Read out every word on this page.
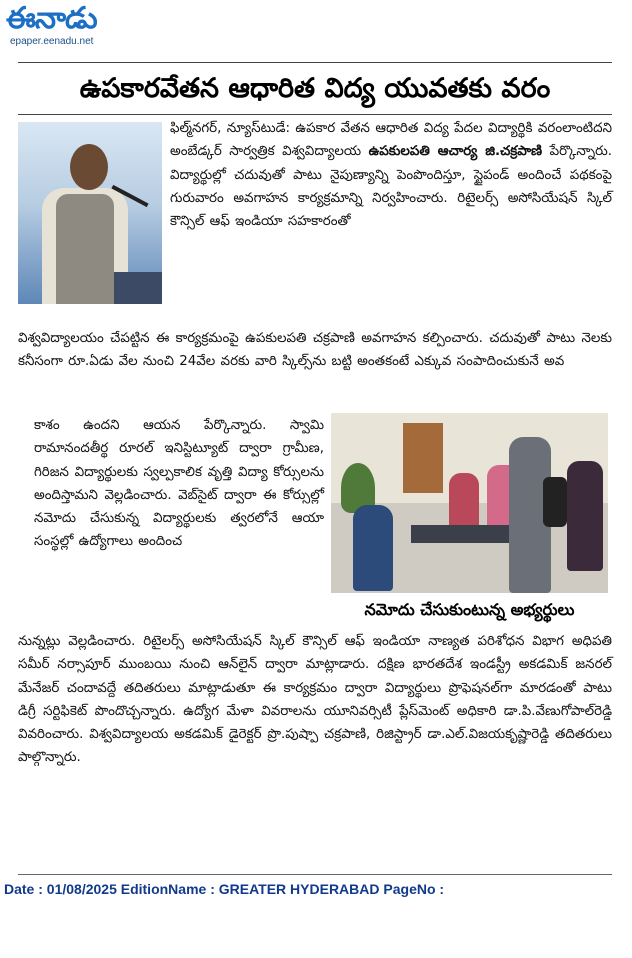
ఈనాడు
epaper.eenadu.net
ఉపకారవేతన ఆధారిత విద్య యువతకు వరం
ఫిల్మ్‌నగర్, న్యూస్‌టుడే: ఉపకార వేతన ఆధారిత విద్య పేదల విద్యార్థికి వరంలాంటిదని అంబేడ్కర్ సార్వత్రిక విశ్వవిద్యాలయ ఉపకులపతి ఆచార్య జి.చక్రపాణి పేర్కొన్నారు. విద్యార్థుల్లో చదువుతో పాటు నైపుణ్యాన్ని పెంపొందిస్తూ, స్టైపండ్ అందించే పథకంపై గురువారం అవగాహన కార్యక్రమాన్ని నిర్వహించారు. రిటైలర్స్ అసోసియేషన్ స్కిల్ కౌన్సిల్ ఆఫ్ ఇండియా సహకారంతో
విశ్వవిద్యాలయం చేపట్టిన ఈ కార్యక్రమంపై ఉపకులపతి చక్రపాణి అవగాహన కల్పించారు. చదువుతో పాటు నెలకు కనీసంగా రూ.ఏడు వేల నుంచి 24వేల వరకు వారి స్కిల్స్‌ను బట్టి అంతకంటే ఎక్కువ సంపాదించుకునే అవ
కాశం ఉందని ఆయన పేర్కొన్నారు. స్వామి రామానందతీర్థ రూరల్ ఇనిస్టిట్యూట్ ద్వారా గ్రామీణ, గిరిజన విద్యార్థులకు స్వల్పకాలిక వృత్తి విద్యా కోర్సులను అందిస్తామని వెల్లడించారు. వెబ్‌సైట్ ద్వారా ఈ కోర్సుల్లో నమోదు చేసుకున్న విద్యార్థులకు త్వరలోనే ఆయా సంస్థల్లో ఉద్యోగాలు అందించ
నమోదు చేసుకుంటున్న అభ్యర్థులు
నున్నట్లు వెల్లడించారు. రిటైలర్స్ అసోసియేషన్ స్కిల్ కౌన్సిల్ ఆఫ్ ఇండియా నాణ్యత పరిశోధన విభాగ అధిపతి సమీర్ నర్సాపూర్ ముంబయి నుంచి ఆన్‌లైన్ ద్వారా మాట్లాడారు. దక్షిణ భారతదేశ ఇండస్ట్రీ అకడమిక్ జనరల్ మేనేజర్ చందావద్దే తదితరులు మాట్లాడుతూ ఈ కార్యక్రమం ద్వారా విద్యార్థులు ప్రొఫెషనల్‌గా మారడంతో పాటు డిగ్రీ సర్టిఫికెట్ పొందొచ్చన్నారు. ఉద్యోగ మేళా వివరాలను యూనివర్సిటీ ప్లేస్‌మెంట్ అధికారి డా.పి.వేణుగోపాల్‌రెడ్డి వివరించారు. విశ్వవిద్యాలయ అకడమిక్ డైరెక్టర్ ప్రొ.పుష్పా చక్రపాణి, రిజిస్ట్రార్ డా.ఎల్.విజయకృష్ణారెడ్డి తదితరులు పాల్గొన్నారు.
Date : 01/08/2025 EditionName : GREATER HYDERABAD PageNo :
